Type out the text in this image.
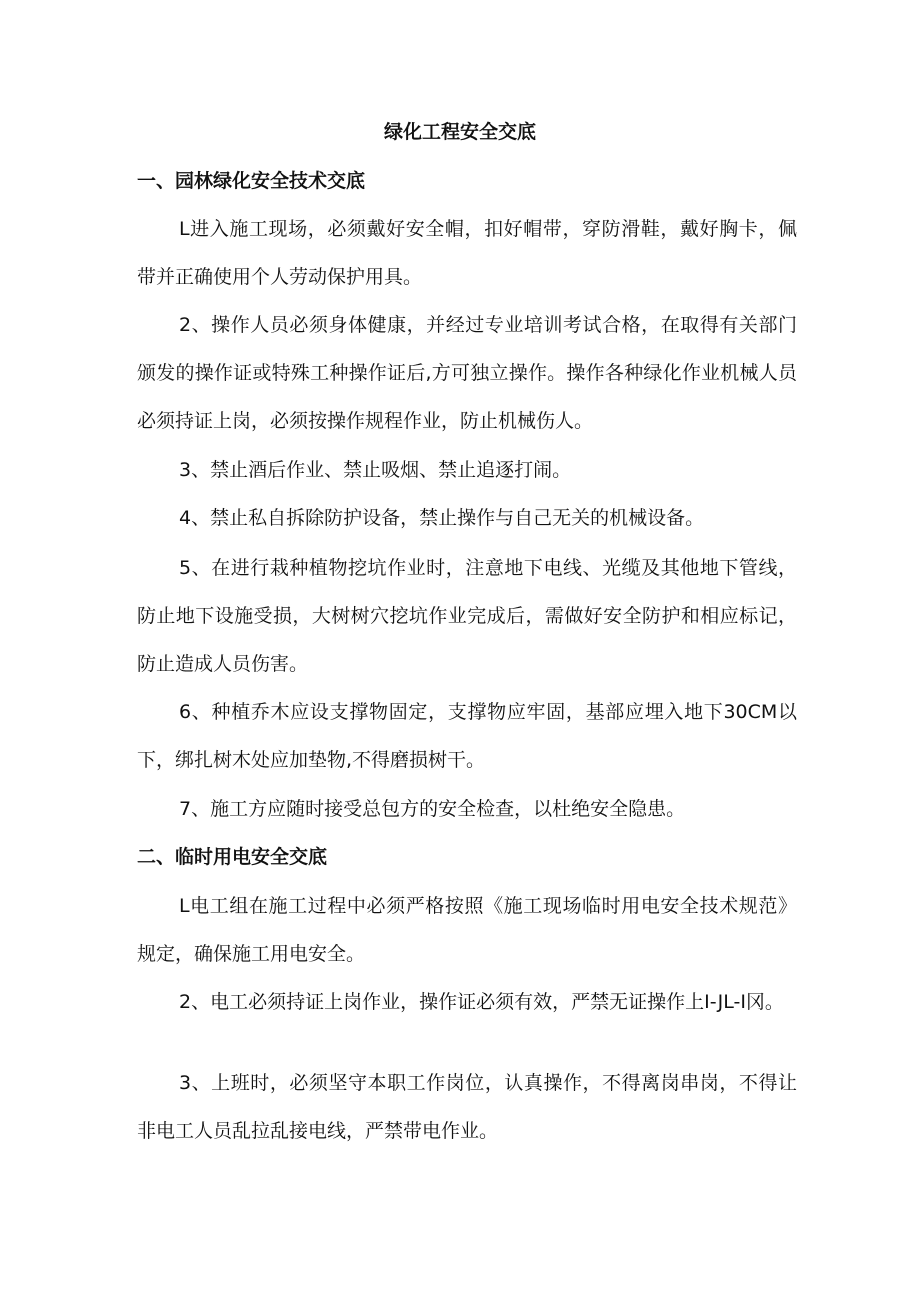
绿化工程安全交底
一、园林绿化安全技术交底

L进入施工现场，必须戴好安全帽，扣好帽带，穿防滑鞋，戴好胸卡，佩带并正确使用个人劳动保护用具。

2、操作人员必须身体健康，并经过专业培训考试合格，在取得有关部门颁发的操作证或特殊工种操作证后,方可独立操作。操作各种绿化作业机械人员必须持证上岗，必须按操作规程作业，防止机械伤人。

3、禁止酒后作业、禁止吸烟、禁止追逐打闹。

4、禁止私自拆除防护设备，禁止操作与自己无关的机械设备。

5、在进行栽种植物挖坑作业时，注意地下电线、光缆及其他地下管线，防止地下设施受损，大树树穴挖坑作业完成后，需做好安全防护和相应标记，防止造成人员伤害。

6、种植乔木应设支撑物固定，支撑物应牢固，基部应埋入地下30CM以下，绑扎树木处应加垫物,不得磨损树干。

7、施工方应随时接受总包方的安全检查，以杜绝安全隐患。

二、临时用电安全交底

L电工组在施工过程中必须严格按照《施工现场临时用电安全技术规范》规定，确保施工用电安全。

2、电工必须持证上岗作业，操作证必须有效，严禁无证操作上I-JL-I冈。

3、上班时，必须坚守本职工作岗位，认真操作，不得离岗串岗，不得让非电工人员乱拉乱接电线，严禁带电作业。
